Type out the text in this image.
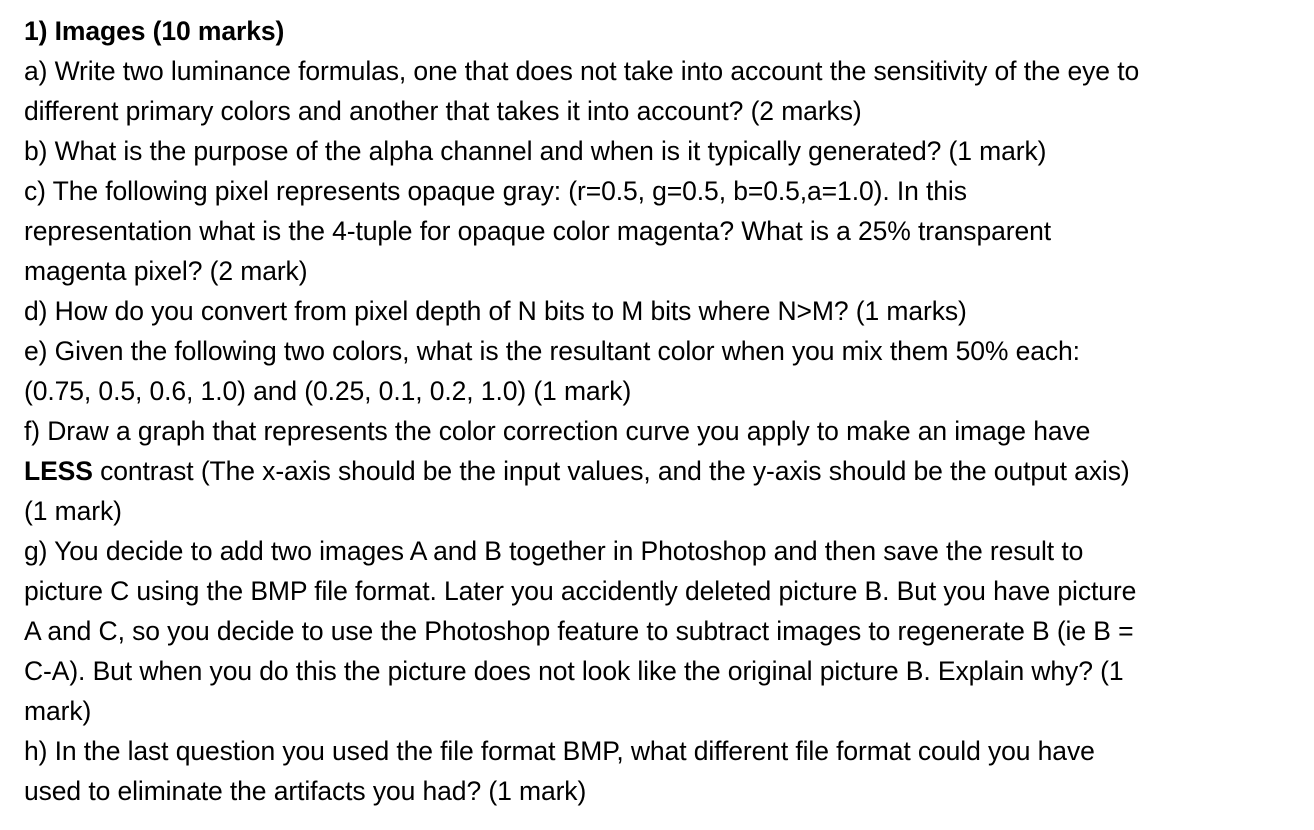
1) Images (10 marks)
a) Write two luminance formulas, one that does not take into account the sensitivity of the eye to
different primary colors and another that takes it into account? (2 marks)
b) What is the purpose of the alpha channel and when is it typically generated? (1 mark)
c) The following pixel represents opaque gray: (r=0.5, g=0.5, b=0.5,a=1.0). In this
representation what is the 4-tuple for opaque color magenta? What is a 25% transparent
magenta pixel? (2 mark)
d) How do you convert from pixel depth of N bits to M bits where N>M? (1 marks)
e) Given the following two colors, what is the resultant color when you mix them 50% each:
(0.75, 0.5, 0.6, 1.0) and (0.25, 0.1, 0.2, 1.0) (1 mark)
f) Draw a graph that represents the color correction curve you apply to make an image have
LESS contrast (The x-axis should be the input values, and the y-axis should be the output axis)
(1 mark)
g) You decide to add two images A and B together in Photoshop and then save the result to
picture C using the BMP file format. Later you accidently deleted picture B. But you have picture
A and C, so you decide to use the Photoshop feature to subtract images to regenerate B (ie B =
C-A). But when you do this the picture does not look like the original picture B. Explain why? (1
mark)
h) In the last question you used the file format BMP, what different file format could you have
used to eliminate the artifacts you had? (1 mark)
